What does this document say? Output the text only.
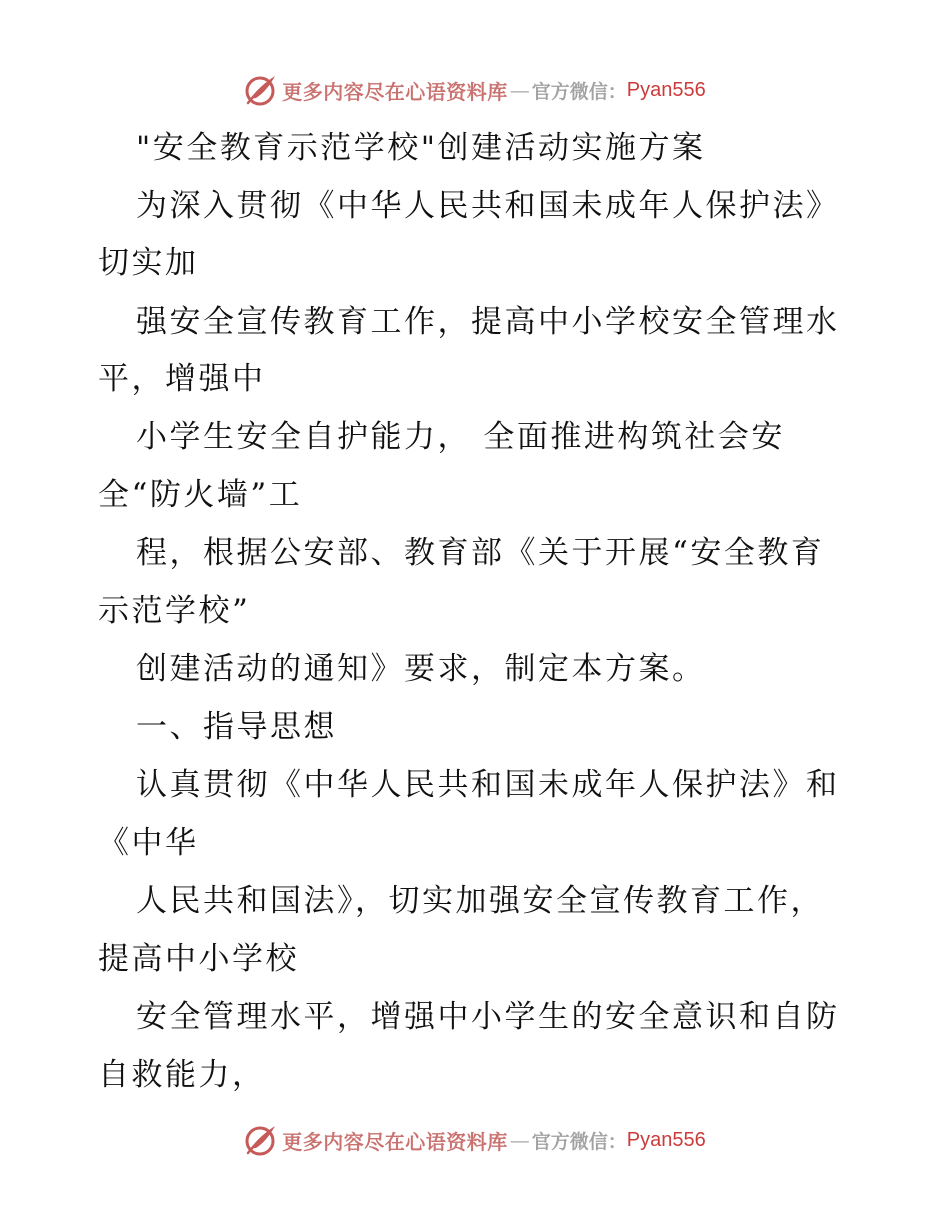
更多内容尽在心语资料库 — 官方微信： Pyan556
"安全教育示范学校"创建活动实施方案
为深入贯彻《中华人民共和国未成年人保护法》
切实加
强安全宣传教育工作，提高中小学校安全管理水
平，增强中
小学生安全自护能力， 全面推进构筑社会安
全“防火墙”工
程，根据公安部、教育部《关于开展“安全教育
示范学校”
创建活动的通知》要求，制定本方案。
一、指导思想
认真贯彻《中华人民共和国未成年人保护法》和
《中华
人民共和国法》，切实加强安全宣传教育工作，
提高中小学校
安全管理水平，增强中小学生的安全意识和自防
自救能力，
更多内容尽在心语资料库 — 官方微信： Pyan556
